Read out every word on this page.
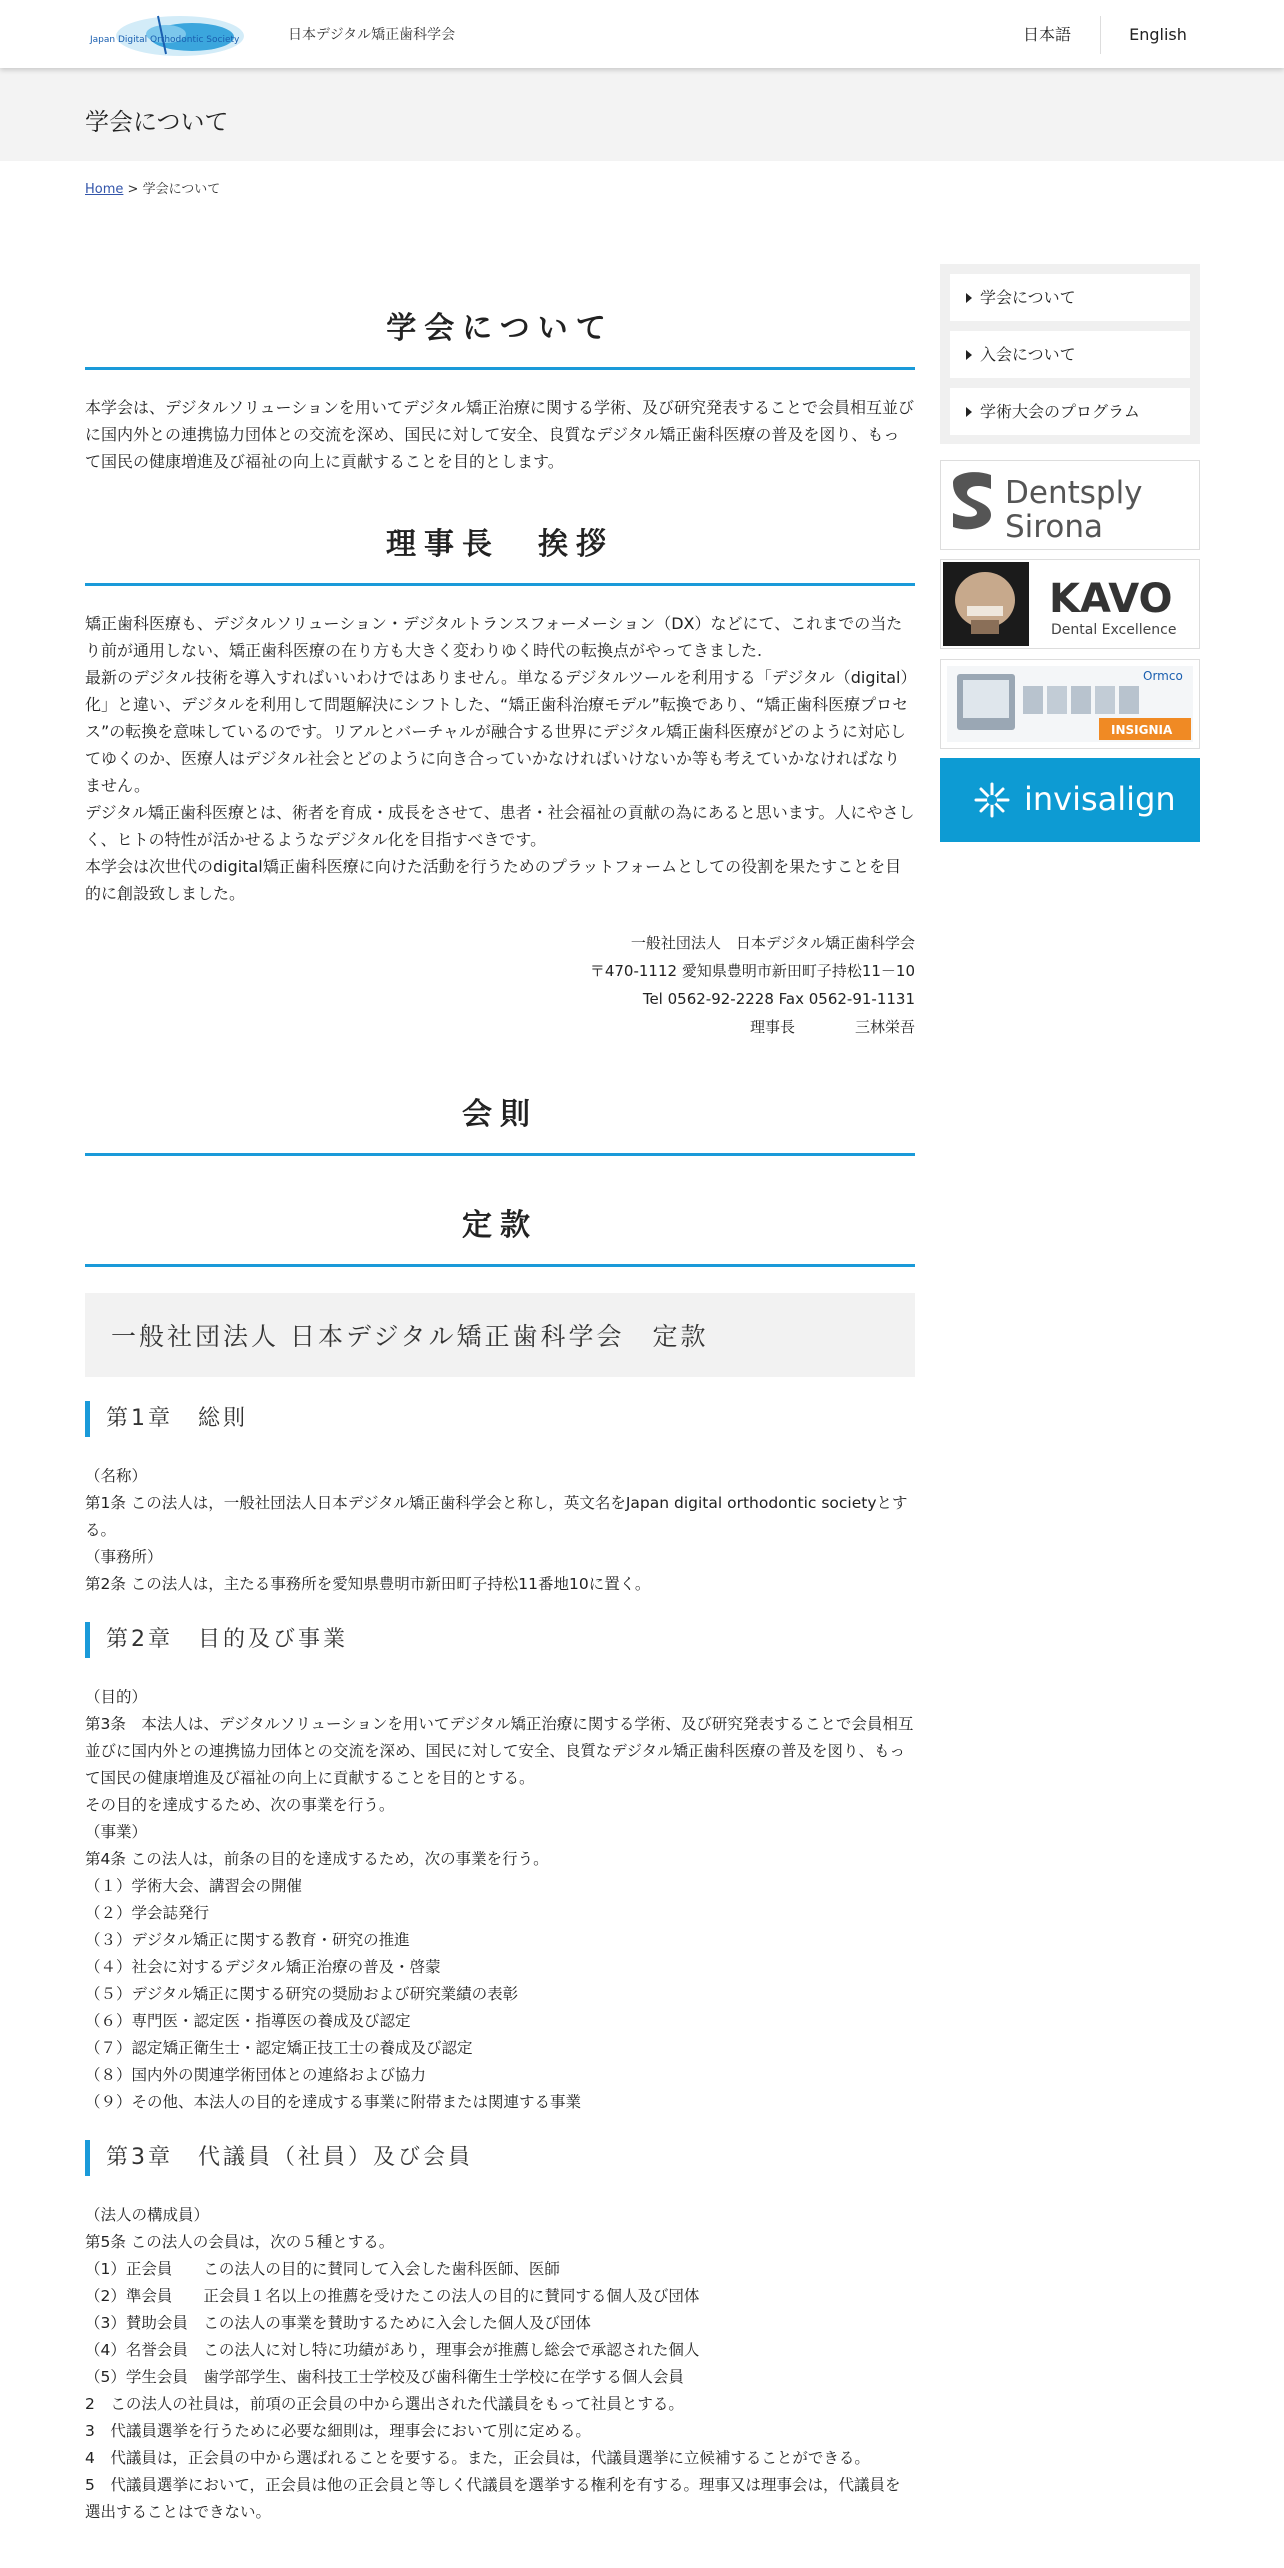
Japan Digital Orthodontic Society	日本デジタル矯正歯科学会	日本語	English
学会について
Home > 学会について
学会について

本学会は、デジタルソリューションを用いてデジタル矯正治療に関する学術、及び研究発表することで会員相互並びに国内外との連携協力団体との交流を深め、国民に対して安全、良質なデジタル矯正歯科医療の普及を図り、もって国民の健康増進及び福祉の向上に貢献することを目的とします。

理事長　挨拶

矯正歯科医療も、デジタルソリューション・デジタルトランスフォーメーション（DX）などにて、これまでの当たり前が通用しない、矯正歯科医療の在り方も大きく変わりゆく時代の転換点がやってきました.

最新のデジタル技術を導入すればいいわけではありません。単なるデジタルツールを利用する「デジタル（digital）化」と違い、デジタルを利用して問題解決にシフトした、“矯正歯科治療モデル”転換であり、“矯正歯科医療プロセス”の転換を意味しているのです。リアルとバーチャルが融合する世界にデジタル矯正歯科医療がどのように対応してゆくのか、医療人はデジタル社会とどのように向き合っていかなければいけないか等も考えていかなければなりません。

デジタル矯正歯科医療とは、術者を育成・成長をさせて、患者・社会福祉の貢献の為にあると思います。人にやさしく、ヒトの特性が活かせるようなデジタル化を目指すべきです。

本学会は次世代のdigital矯正歯科医療に向けた活動を行うためのプラットフォームとしての役割を果たすことを目的に創設致しました。

一般社団法人　日本デジタル矯正歯科学会
〒470-1112 愛知県豊明市新田町子持松11－10
Tel 0562-92-2228 Fax 0562-91-1131
理事長　　　　三林栄吾
会則
定款
一般社団法人 日本デジタル矯正歯科学会　定款
第1章　総則

（名称）

第1条 この法人は，一般社団法人日本デジタル矯正歯科学会と称し，英文名をJapan digital orthodontic societyとする。

（事務所）

第2条 この法人は，主たる事務所を愛知県豊明市新田町子持松11番地10に置く。

第2章　目的及び事業

（目的）

第3条　本法人は、デジタルソリューションを用いてデジタル矯正治療に関する学術、及び研究発表することで会員相互並びに国内外との連携協力団体との交流を深め、国民に対して安全、良質なデジタル矯正歯科医療の普及を図り、もって国民の健康増進及び福祉の向上に貢献することを目的とする。

その目的を達成するため、次の事業を行う。

（事業）

第4条 この法人は，前条の目的を達成するため，次の事業を行う。

（１）学術大会、講習会の開催

（２）学会誌発行

（３）デジタル矯正に関する教育・研究の推進

（４）社会に対するデジタル矯正治療の普及・啓蒙

（５）デジタル矯正に関する研究の奨励および研究業績の表彰

（６）専門医・認定医・指導医の養成及び認定

（７）認定矯正衛生士・認定矯正技工士の養成及び認定

（８）国内外の関連学術団体との連絡および協力

（９）その他、本法人の目的を達成する事業に附帯または関連する事業

第3章　代議員（社員）及び会員

（法人の構成員）

第5条 この法人の会員は，次の５種とする。

（1）正会員　　この法人の目的に賛同して入会した歯科医師、医師

（2）準会員　　正会員１名以上の推薦を受けたこの法人の目的に賛同する個人及び団体

（3）賛助会員　この法人の事業を賛助するために入会した個人及び団体

（4）名誉会員　この法人に対し特に功績があり，理事会が推薦し総会で承認された個人

（5）学生会員　歯学部学生、歯科技工士学校及び歯科衛生士学校に在学する個人会員

2　この法人の社員は，前項の正会員の中から選出された代議員をもって社員とする。

3　代議員選挙を行うために必要な細則は，理事会において別に定める。

4　代議員は，正会員の中から選ばれることを要する。また，正会員は，代議員選挙に立候補することができる。

5　代議員選挙において，正会員は他の正会員と等しく代議員を選挙する権利を有する。理事又は理事会は，代議員を選出することはできない。

学会について
入会について
学術大会のプログラム
Dentsply
Sirona
KAVO
Dental Excellence
Ormco
INSIGNIA
invisalign
